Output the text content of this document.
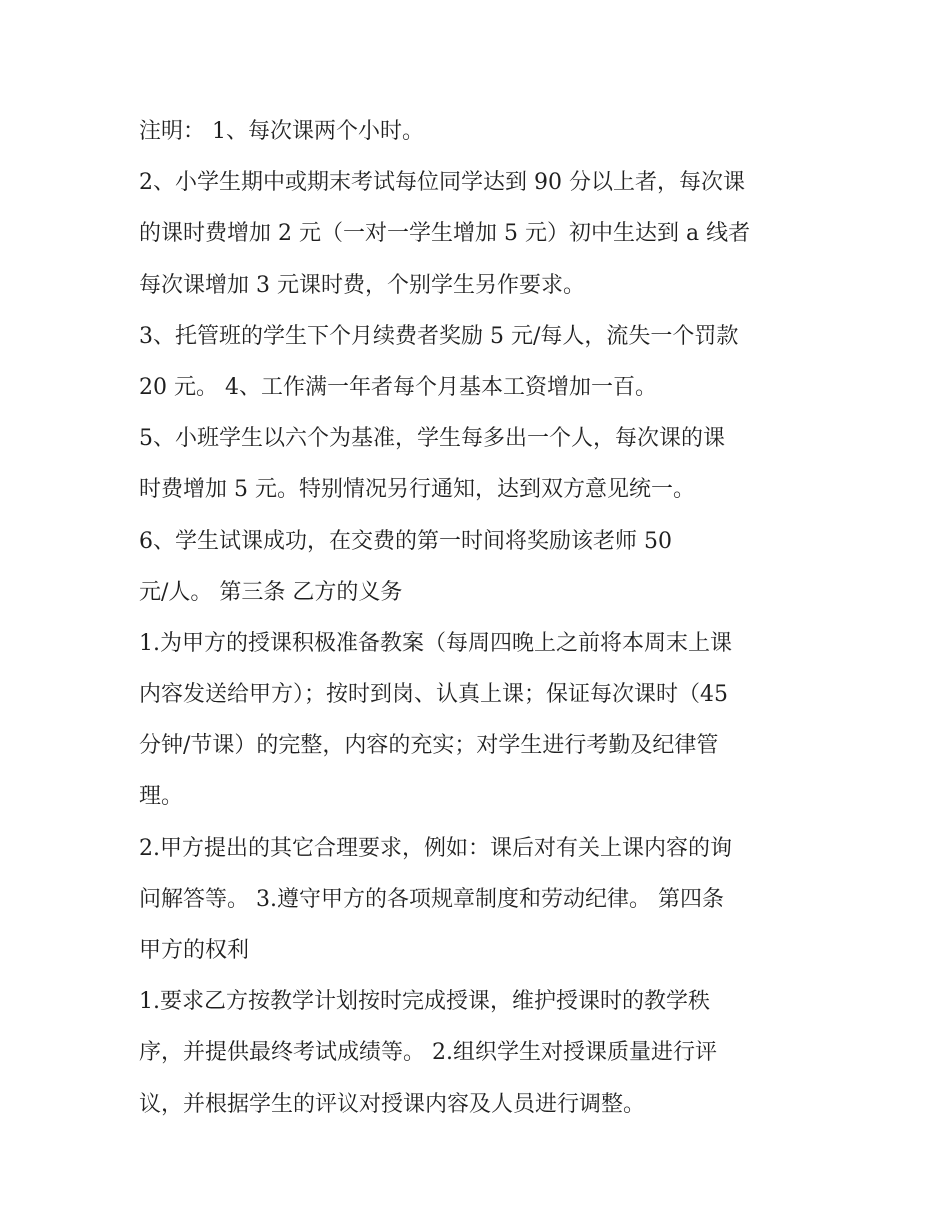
注明： 1、每次课两个小时。
2、小学生期中或期末考试每位同学达到 90 分以上者，每次课
的课时费增加 2 元（一对一学生增加 5 元）初中生达到 a 线者
每次课增加 3 元课时费，个别学生另作要求。
3、托管班的学生下个月续费者奖励 5 元/每人，流失一个罚款
20 元。 4、工作满一年者每个月基本工资增加一百。
5、小班学生以六个为基准，学生每多出一个人，每次课的课
时费增加 5 元。特别情况另行通知，达到双方意见统一。
6、学生试课成功，在交费的第一时间将奖励该老师 50
元/人。 第三条 乙方的义务
1.为甲方的授课积极准备教案（每周四晚上之前将本周末上课
内容发送给甲方）；按时到岗、认真上课；保证每次课时（45
分钟/节课）的完整，内容的充实；对学生进行考勤及纪律管
理。
2.甲方提出的其它合理要求，例如：课后对有关上课内容的询
问解答等。 3.遵守甲方的各项规章制度和劳动纪律。 第四条
甲方的权利
1.要求乙方按教学计划按时完成授课，维护授课时的教学秩
序，并提供最终考试成绩等。 2.组织学生对授课质量进行评
议，并根据学生的评议对授课内容及人员进行调整。
